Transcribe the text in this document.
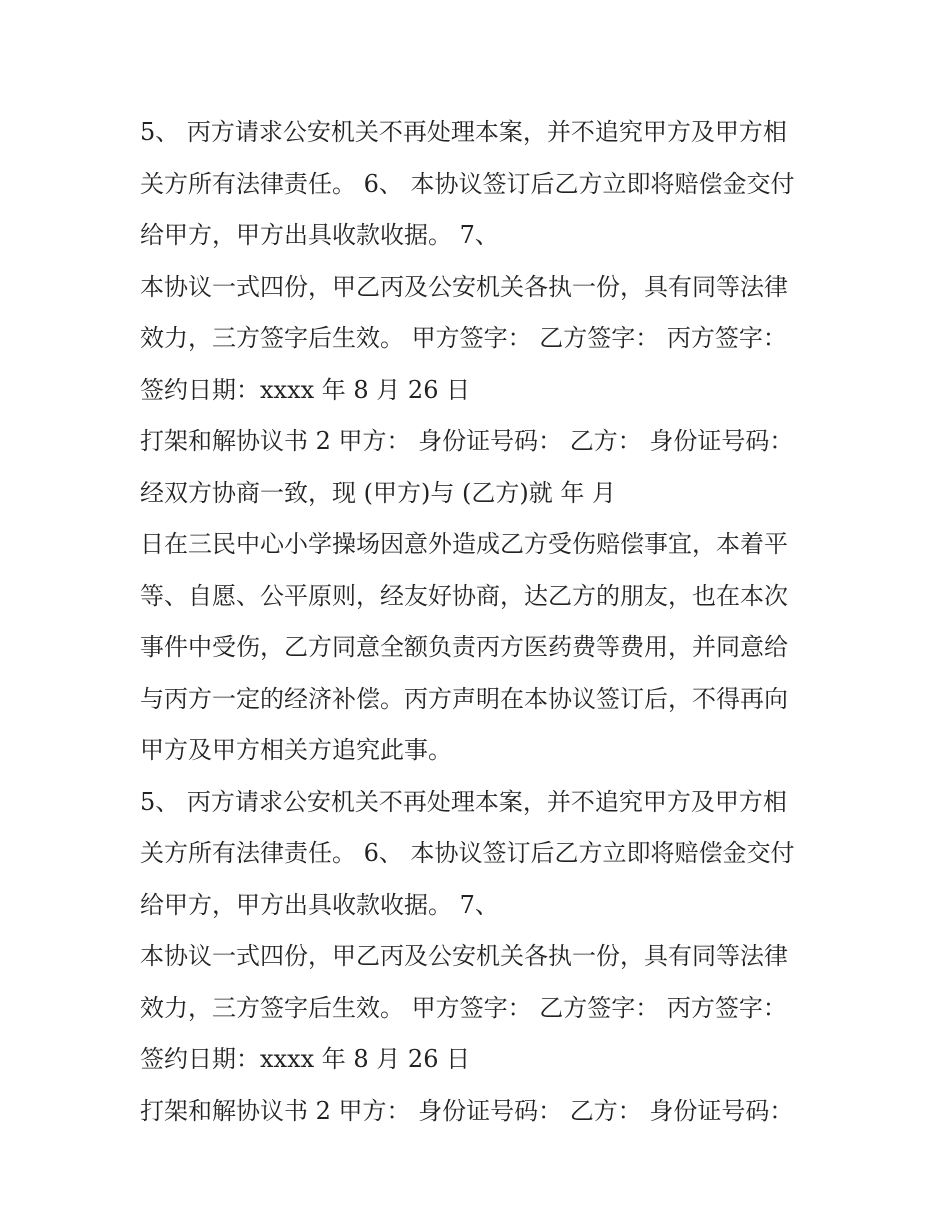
5、 丙方请求公安机关不再处理本案，并不追究甲方及甲方相
关方所有法律责任。 6、 本协议签订后乙方立即将赔偿金交付
给甲方，甲方出具收款收据。 7、
本协议一式四份，甲乙丙及公安机关各执一份，具有同等法律
效力，三方签字后生效。 甲方签字： 乙方签字： 丙方签字：
签约日期：xxxx 年 8 月 26 日
打架和解协议书 2 甲方： 身份证号码： 乙方： 身份证号码：
经双方协商一致，现 (甲方)与 (乙方)就 年 月
日在三民中心小学操场因意外造成乙方受伤赔偿事宜，本着平
等、自愿、公平原则，经友好协商，达乙方的朋友，也在本次
事件中受伤，乙方同意全额负责丙方医药费等费用，并同意给
与丙方一定的经济补偿。丙方声明在本协议签订后，不得再向
甲方及甲方相关方追究此事。
5、 丙方请求公安机关不再处理本案，并不追究甲方及甲方相
关方所有法律责任。 6、 本协议签订后乙方立即将赔偿金交付
给甲方，甲方出具收款收据。 7、
本协议一式四份，甲乙丙及公安机关各执一份，具有同等法律
效力，三方签字后生效。 甲方签字： 乙方签字： 丙方签字：
签约日期：xxxx 年 8 月 26 日
打架和解协议书 2 甲方： 身份证号码： 乙方： 身份证号码：
